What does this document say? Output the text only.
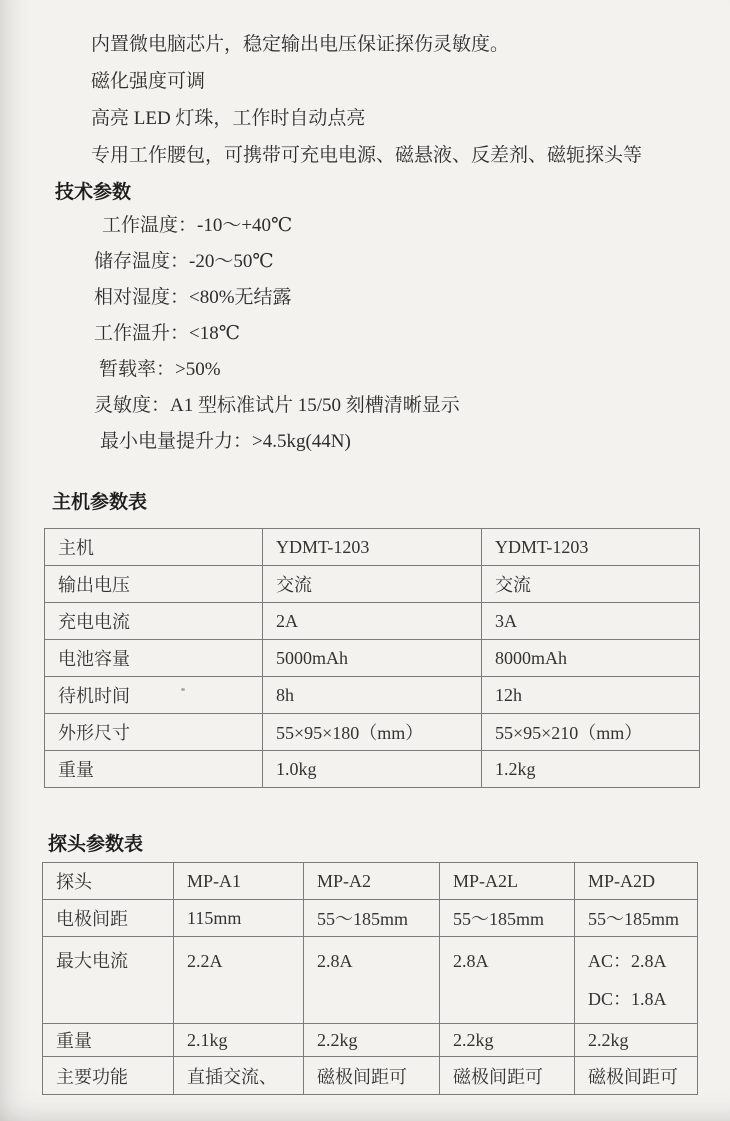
内置微电脑芯片，稳定输出电压保证探伤灵敏度。

磁化强度可调

高亮 LED 灯珠，工作时自动点亮

专用工作腰包，可携带可充电电源、磁悬液、反差剂、磁轭探头等

技术参数

工作温度：-10～+40℃

储存温度：-20～50℃

相对湿度：<80%无结露

工作温升：<18℃

暂载率：>50%

灵敏度：A1 型标准试片 15/50 刻槽清晰显示

最小电量提升力：>4.5kg(44N)

主机参数表
主机	YDMT-1203	YDMT-1203
输出电压	交流	交流
充电电流	2A	3A
电池容量	5000mAh	8000mAh
待机时间	8h	12h
外形尺寸	55×95×180（mm）	55×95×210（mm）
重量	1.0kg	1.2kg
探头参数表
探头	MP-A1	MP-A2	MP-A2L	MP-A2D
电极间距	115mm	55～185mm	55～185mm	55～185mm
最大电流	2.2A	2.8A	2.8A	AC：2.8A
DC：1.8A

重量	2.1kg	2.2kg	2.2kg	2.2kg
主要功能	直插交流、	磁极间距可	磁极间距可	磁极间距可
